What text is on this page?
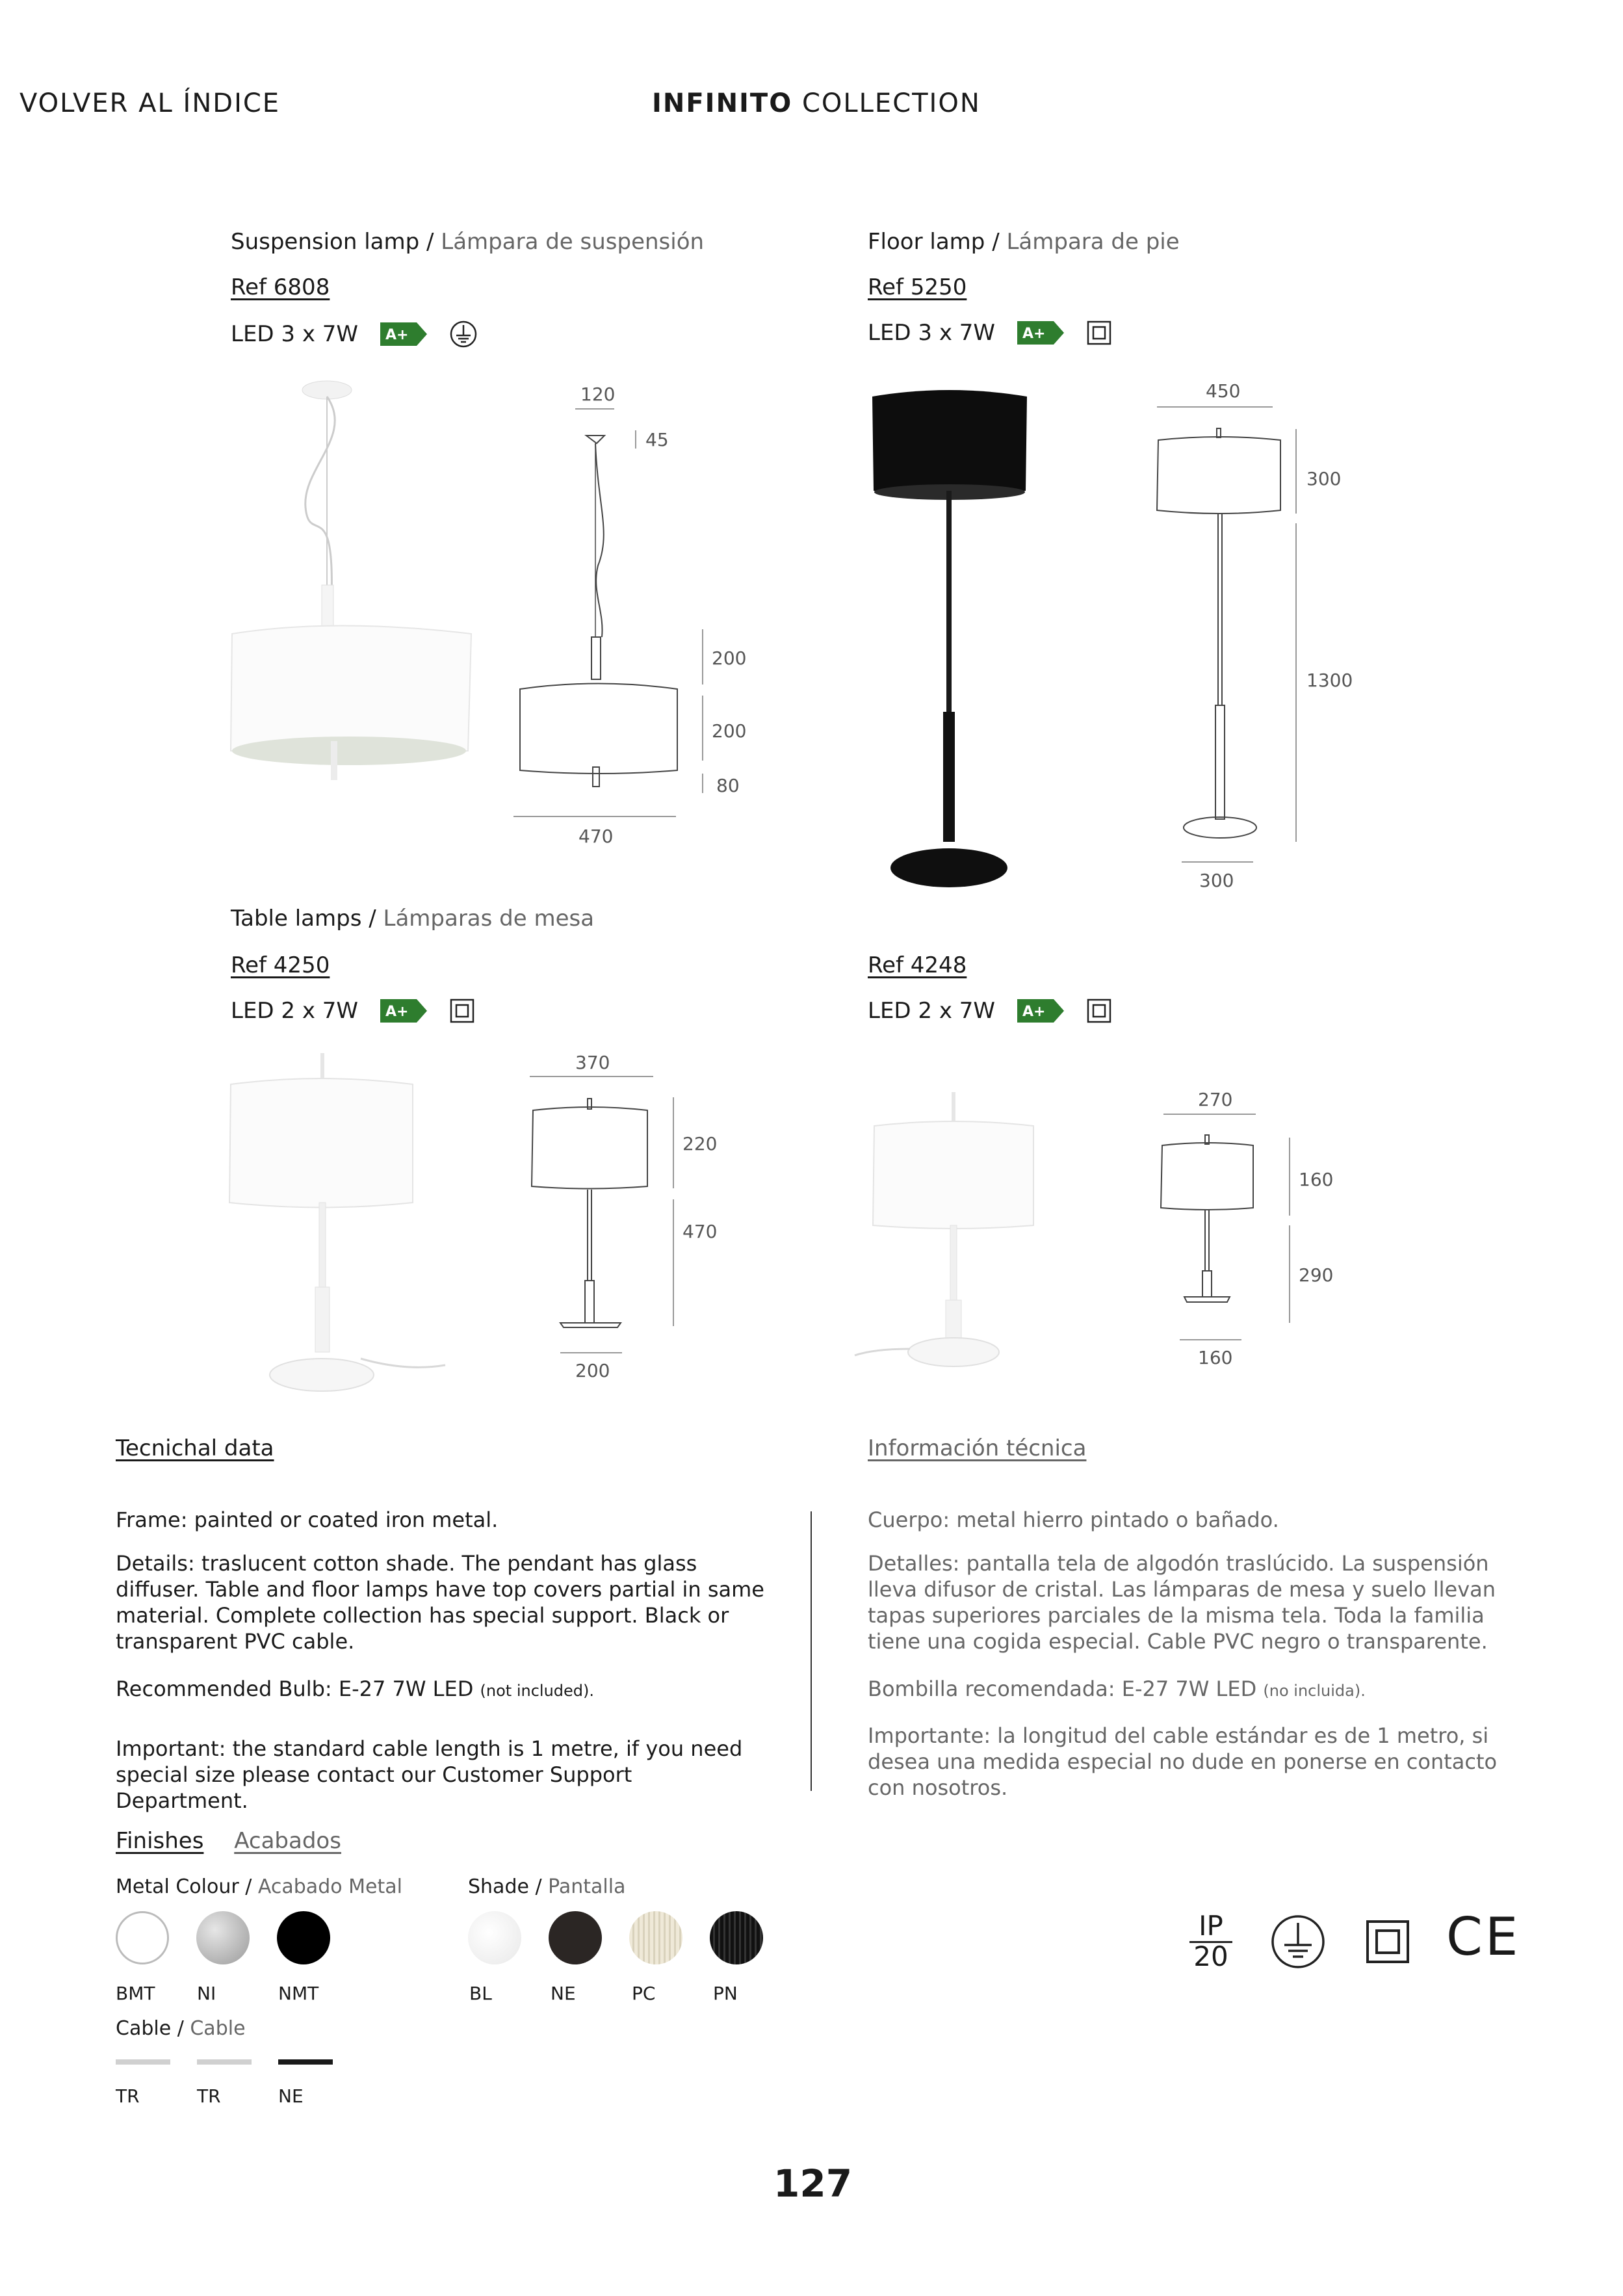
VOLVER AL ÍNDICE	INFINITO COLLECTION
Suspension lamp / Lámpara de suspensión
Ref 6808
LED 3 x 7W A+
120
45
200
200
80
470
Floor lamp / Lámpara de pie
Ref 5250
LED 3 x 7W A+
450
300
1300
300
Table lamps / Lámparas de mesa
Ref 4250
LED 2 x 7W A+
370
220
470
200
Ref 4248
LED 2 x 7W A+
270
160
290
160
Tecnichal data	Información técnica
Frame: painted or coated iron metal.
Details: traslucent cotton shade. The pendant has glass diffuser. Table and floor lamps have top covers partial in same material. Complete collection has special support. Black or transparent PVC cable.
Recommended Bulb: E-27 7W LED (not included).
Important: the standard cable length is 1 metre, if you need special size please contact our Customer Support Department.
Cuerpo: metal hierro pintado o bañado.
Detalles: pantalla tela de algodón traslúcido. La suspensión lleva difusor de cristal. Las lámparas de mesa y suelo llevan tapas superiores parciales de la misma tela. Toda la familia tiene una cogida especial. Cable PVC negro o transparente.
Bombilla recomendada: E-27 7W LED (no incluida).
Importante: la longitud del cable estándar es de 1 metro, si desea una medida especial no dude en ponerse en contacto con nosotros.
Finishes Acabados
Metal Colour / Acabado Metal
BMT NI	NMT
Shade / Pantalla
BL	NE	PC	PN
Cable / Cable
TR	TR	NE
IP
20	CE
127
